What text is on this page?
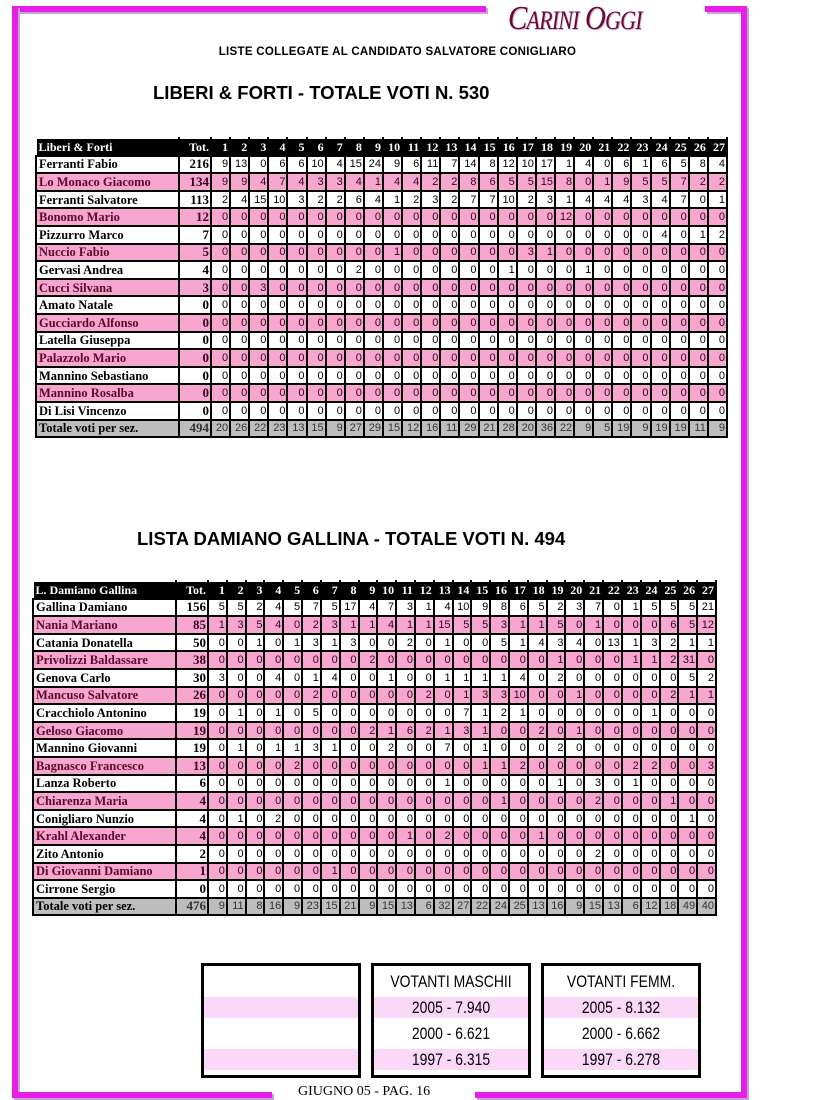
CARINI OGGI
LISTE COLLEGATE AL CANDIDATO SALVATORE CONIGLIARO
LIBERI & FORTI - TOTALE VOTI N. 530
Liberi & Forti	Tot.	1	2	3	4	5	6	7	8	9	10	11	12	13	14	15	16	17	18	19	20	21	22	23	24	25	26	27
Ferranti Fabio	216	9	13	0	6	6	10	4	15	24	9	6	11	7	14	8	12	10	17	1	4	0	6	1	6	5	8	4
Lo Monaco Giacomo	134	9	9	4	7	4	3	3	4	1	4	4	2	2	8	6	5	5	15	8	0	1	9	5	5	7	2	2
Ferranti Salvatore	113	2	4	15	10	3	2	2	6	4	1	2	3	2	7	7	10	2	3	1	4	4	4	3	4	7	0	1
Bonomo Mario	12	0	0	0	0	0	0	0	0	0	0	0	0	0	0	0	0	0	0	12	0	0	0	0	0	0	0	0
Pizzurro Marco	7	0	0	0	0	0	0	0	0	0	0	0	0	0	0	0	0	0	0	0	0	0	0	0	4	0	1	2
Nuccio Fabio	5	0	0	0	0	0	0	0	0	0	1	0	0	0	0	0	0	3	1	0	0	0	0	0	0	0	0	0
Gervasi Andrea	4	0	0	0	0	0	0	0	2	0	0	0	0	0	0	0	1	0	0	0	1	0	0	0	0	0	0	0
Cucci Silvana	3	0	0	3	0	0	0	0	0	0	0	0	0	0	0	0	0	0	0	0	0	0	0	0	0	0	0	0
Amato Natale	0	0	0	0	0	0	0	0	0	0	0	0	0	0	0	0	0	0	0	0	0	0	0	0	0	0	0	0
Gucciardo Alfonso	0	0	0	0	0	0	0	0	0	0	0	0	0	0	0	0	0	0	0	0	0	0	0	0	0	0	0	0
Latella Giuseppa	0	0	0	0	0	0	0	0	0	0	0	0	0	0	0	0	0	0	0	0	0	0	0	0	0	0	0	0
Palazzolo Mario	0	0	0	0	0	0	0	0	0	0	0	0	0	0	0	0	0	0	0	0	0	0	0	0	0	0	0	0
Mannino Sebastiano	0	0	0	0	0	0	0	0	0	0	0	0	0	0	0	0	0	0	0	0	0	0	0	0	0	0	0	0
Mannino Rosalba	0	0	0	0	0	0	0	0	0	0	0	0	0	0	0	0	0	0	0	0	0	0	0	0	0	0	0	0
Di Lisi Vincenzo	0	0	0	0	0	0	0	0	0	0	0	0	0	0	0	0	0	0	0	0	0	0	0	0	0	0	0	0
Totale voti per sez.	494	20	26	22	23	13	15	9	27	29	15	12	16	11	29	21	28	20	36	22	9	5	19	9	19	19	11	9
LISTA DAMIANO GALLINA - TOTALE VOTI N. 494
L. Damiano Gallina	Tot.	1	2	3	4	5	6	7	8	9	10	11	12	13	14	15	16	17	18	19	20	21	22	23	24	25	26	27
Gallina Damiano	156	5	5	2	4	5	7	5	17	4	7	3	1	4	10	9	8	6	5	2	3	7	0	1	5	5	5	21
Nania Mariano	85	1	3	5	4	0	2	3	1	1	4	1	1	15	5	5	3	1	1	5	0	1	0	0	0	6	5	12
Catania Donatella	50	0	0	1	0	1	3	1	3	0	0	2	0	1	0	0	5	1	4	3	4	0	13	1	3	2	1	1
Privolizzi Baldassare	38	0	0	0	0	0	0	0	0	2	0	0	0	0	0	0	0	0	0	1	0	0	0	1	1	2	31	0
Genova Carlo	30	3	0	0	4	0	1	4	0	0	1	0	0	1	1	1	1	4	0	2	0	0	0	0	0	0	5	2
Mancuso Salvatore	26	0	0	0	0	0	2	0	0	0	0	0	2	0	1	3	3	10	0	0	1	0	0	0	0	2	1	1
Cracchiolo Antonino	19	0	1	0	1	0	5	0	0	0	0	0	0	0	7	1	2	1	0	0	0	0	0	0	1	0	0	0
Geloso Giacomo	19	0	0	0	0	0	0	0	0	2	1	6	2	1	3	1	0	0	2	0	1	0	0	0	0	0	0	0
Mannino Giovanni	19	0	1	0	1	1	3	1	0	0	2	0	0	7	0	1	0	0	0	2	0	0	0	0	0	0	0	0
Bagnasco Francesco	13	0	0	0	0	2	0	0	0	0	0	0	0	0	0	1	1	2	0	0	0	0	0	2	2	0	0	3
Lanza Roberto	6	0	0	0	0	0	0	0	0	0	0	0	0	1	0	0	0	0	0	1	0	3	0	1	0	0	0	0
Chiarenza Maria	4	0	0	0	0	0	0	0	0	0	0	0	0	0	0	0	1	0	0	0	0	2	0	0	0	1	0	0
Conigliaro Nunzio	4	0	1	0	2	0	0	0	0	0	0	0	0	0	0	0	0	0	0	0	0	0	0	0	0	0	1	0
Krahl Alexander	4	0	0	0	0	0	0	0	0	0	0	1	0	2	0	0	0	0	1	0	0	0	0	0	0	0	0	0
Zito Antonio	2	0	0	0	0	0	0	0	0	0	0	0	0	0	0	0	0	0	0	0	0	2	0	0	0	0	0	0
Di Giovanni Damiano	1	0	0	0	0	0	0	1	0	0	0	0	0	0	0	0	0	0	0	0	0	0	0	0	0	0	0	0
Cirrone Sergio	0	0	0	0	0	0	0	0	0	0	0	0	0	0	0	0	0	0	0	0	0	0	0	0	0	0	0	0
Totale voti per sez.	476	9	11	8	16	9	23	15	21	9	15	13	6	32	27	22	24	25	13	16	9	15	13	6	12	18	49	40
VOTANTI MASCHII
2005 - 7.940
2000 - 6.621
1997 - 6.315
VOTANTI FEMM.
2005 - 8.132
2000 - 6.662
1997 - 6.278
GIUGNO 05 - PAG. 16
